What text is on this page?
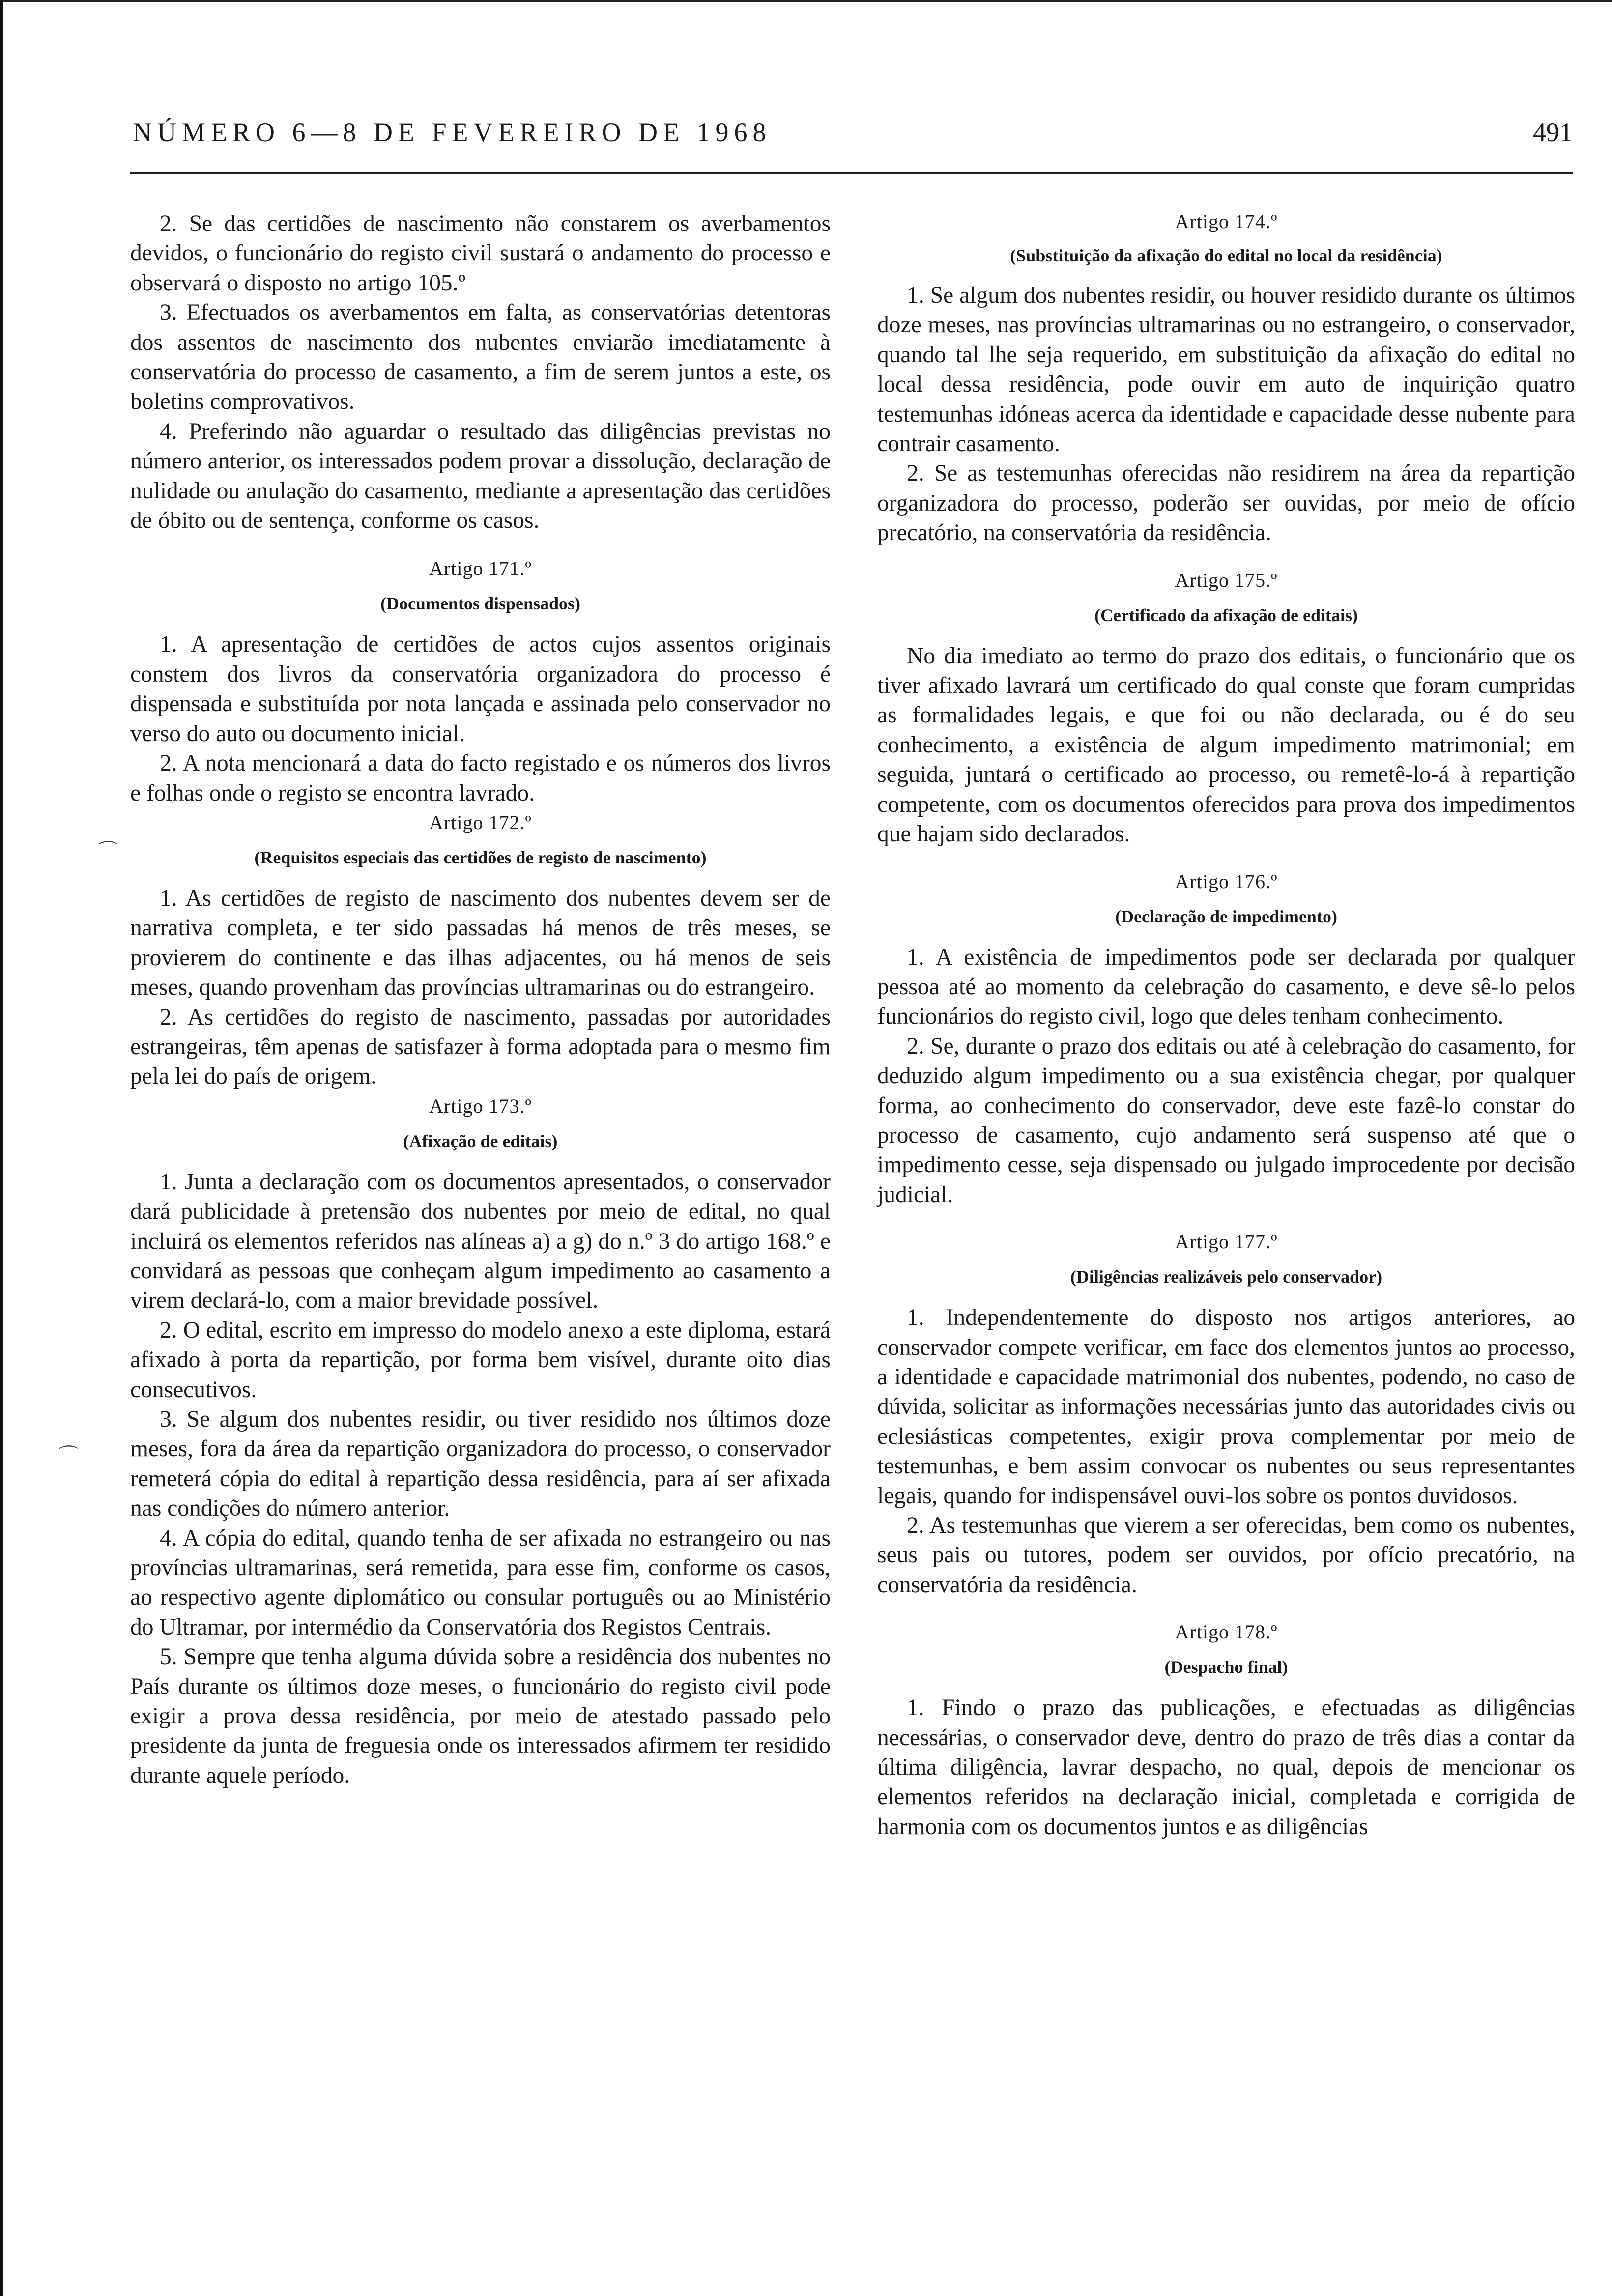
NÚMERO 6—8 DE FEVEREIRO DE 1968	491

2. Se das certidões de nascimento não constarem os averbamentos devidos, o funcionário do registo civil sustará o andamento do processo e observará o disposto no artigo 105.º

3. Efectuados os averbamentos em falta, as conservatórias detentoras dos assentos de nascimento dos nubentes enviarão imediatamente à conservatória do processo de casamento, a fim de serem juntos a este, os boletins comprovativos.

4. Preferindo não aguardar o resultado das diligências previstas no número anterior, os interessados podem provar a dissolução, declaração de nulidade ou anulação do casamento, mediante a apresentação das certidões de óbito ou de sentença, conforme os casos.

Artigo 171.º

(Documentos dispensados)

1. A apresentação de certidões de actos cujos assentos originais constem dos livros da conservatória organizadora do processo é dispensada e substituída por nota lançada e assinada pelo conservador no verso do auto ou documento inicial.

2. A nota mencionará a data do facto registado e os números dos livros e folhas onde o registo se encontra lavrado.

Artigo 172.º

(Requisitos especiais das certidões de registo de nascimento)

1. As certidões de registo de nascimento dos nubentes devem ser de narrativa completa, e ter sido passadas há menos de três meses, se provierem do continente e das ilhas adjacentes, ou há menos de seis meses, quando provenham das províncias ultramarinas ou do estrangeiro.

2. As certidões do registo de nascimento, passadas por autoridades estrangeiras, têm apenas de satisfazer à forma adoptada para o mesmo fim pela lei do país de origem.

Artigo 173.º

(Afixação de editais)

1. Junta a declaração com os documentos apresentados, o conservador dará publicidade à pretensão dos nubentes por meio de edital, no qual incluirá os elementos referidos nas alíneas a) a g) do n.º 3 do artigo 168.º e convidará as pessoas que conheçam algum impedimento ao casamento a virem declará-lo, com a maior brevidade possível.

2. O edital, escrito em impresso do modelo anexo a este diploma, estará afixado à porta da repartição, por forma bem visível, durante oito dias consecutivos.

3. Se algum dos nubentes residir, ou tiver residido nos últimos doze meses, fora da área da repartição organizadora do processo, o conservador remeterá cópia do edital à repartição dessa residência, para aí ser afixada nas condições do número anterior.

4. A cópia do edital, quando tenha de ser afixada no estrangeiro ou nas províncias ultramarinas, será remetida, para esse fim, conforme os casos, ao respectivo agente diplomático ou consular português ou ao Ministério do Ultramar, por intermédio da Conservatória dos Registos Centrais.

5. Sempre que tenha alguma dúvida sobre a residência dos nubentes no País durante os últimos doze meses, o funcionário do registo civil pode exigir a prova dessa residência, por meio de atestado passado pelo presidente da junta de freguesia onde os interessados afirmem ter residido durante aquele período.

Artigo 174.º

(Substituição da afixação do edital no local da residência)

1. Se algum dos nubentes residir, ou houver residido durante os últimos doze meses, nas províncias ultramarinas ou no estrangeiro, o conservador, quando tal lhe seja requerido, em substituição da afixação do edital no local dessa residência, pode ouvir em auto de inquirição quatro testemunhas idóneas acerca da identidade e capacidade desse nubente para contrair casamento.

2. Se as testemunhas oferecidas não residirem na área da repartição organizadora do processo, poderão ser ouvidas, por meio de ofício precatório, na conservatória da residência.

Artigo 175.º

(Certificado da afixação de editais)

No dia imediato ao termo do prazo dos editais, o funcionário que os tiver afixado lavrará um certificado do qual conste que foram cumpridas as formalidades legais, e que foi ou não declarada, ou é do seu conhecimento, a existência de algum impedimento matrimonial; em seguida, juntará o certificado ao processo, ou remetê-lo-á à repartição competente, com os documentos oferecidos para prova dos impedimentos que hajam sido declarados.

Artigo 176.º

(Declaração de impedimento)

1. A existência de impedimentos pode ser declarada por qualquer pessoa até ao momento da celebração do casamento, e deve sê-lo pelos funcionários do registo civil, logo que deles tenham conhecimento.

2. Se, durante o prazo dos editais ou até à celebração do casamento, for deduzido algum impedimento ou a sua existência chegar, por qualquer forma, ao conhecimento do conservador, deve este fazê-lo constar do processo de casamento, cujo andamento será suspenso até que o impedimento cesse, seja dispensado ou julgado improcedente por decisão judicial.

Artigo 177.º

(Diligências realizáveis pelo conservador)

1. Independentemente do disposto nos artigos anteriores, ao conservador compete verificar, em face dos elementos juntos ao processo, a identidade e capacidade matrimonial dos nubentes, podendo, no caso de dúvida, solicitar as informações necessárias junto das autoridades civis ou eclesiásticas competentes, exigir prova complementar por meio de testemunhas, e bem assim convocar os nubentes ou seus representantes legais, quando for indispensável ouvi-los sobre os pontos duvidosos.

2. As testemunhas que vierem a ser oferecidas, bem como os nubentes, seus pais ou tutores, podem ser ouvidos, por ofício precatório, na conservatória da residência.

Artigo 178.º

(Despacho final)

1. Findo o prazo das publicações, e efectuadas as diligências necessárias, o conservador deve, dentro do prazo de três dias a contar da última diligência, lavrar despacho, no qual, depois de mencionar os elementos referidos na declaração inicial, completada e corrigida de harmonia com os documentos juntos e as diligências

⌒
⌒
